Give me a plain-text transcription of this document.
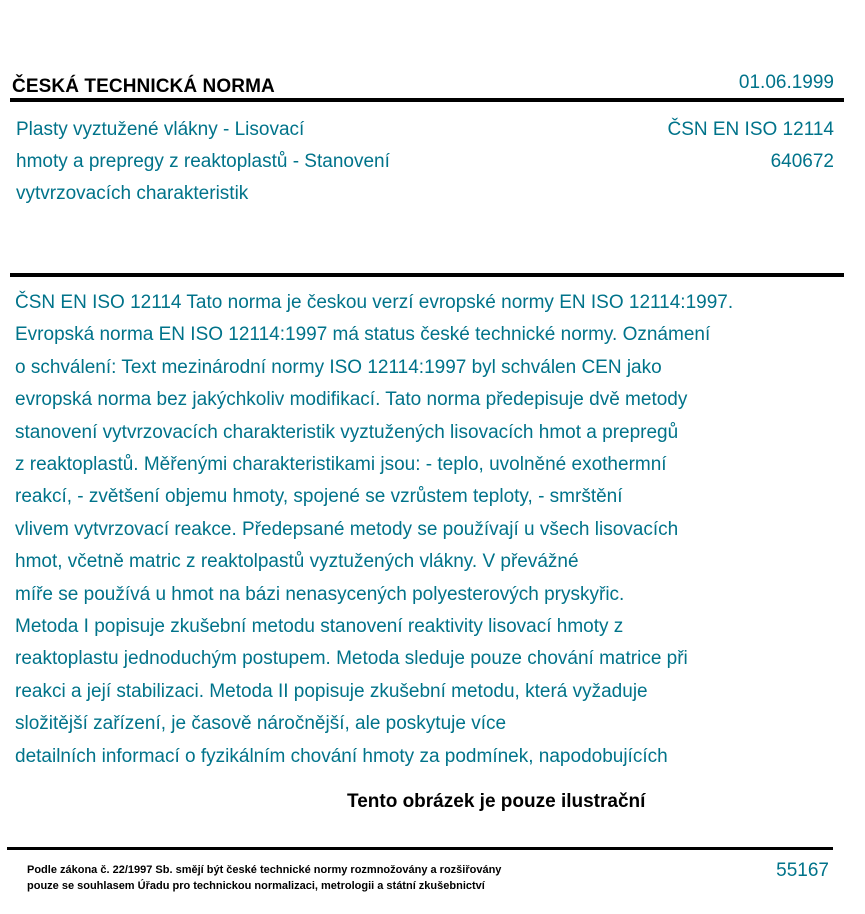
ČESKÁ TECHNICKÁ NORMA	01.06.1999
Plasty vyztužené vlákny - Lisovací
hmoty a prepregy z reaktoplastů - Stanovení
vytvrzovacích charakteristik
ČSN EN ISO 12114
640672
ČSN EN ISO 12114 Tato norma je českou verzí evropské normy EN ISO 12114:1997.
Evropská norma EN ISO 12114:1997 má status české technické normy. Oznámení
o schválení: Text mezinárodní normy ISO 12114:1997 byl schválen CEN jako
evropská norma bez jakýchkoliv modifikací. Tato norma předepisuje dvě metody
stanovení vytvrzovacích charakteristik vyztužených lisovacích hmot a prepregů
z reaktoplastů. Měřenými charakteristikami jsou: - teplo, uvolněné exothermní
reakcí, - zvětšení objemu hmoty, spojené se vzrůstem teploty, - smrštění
vlivem vytvrzovací reakce. Předepsané metody se používají u všech lisovacích
hmot, včetně matric z reaktolpastů vyztužených vlákny. V převážné
míře se používá u hmot na bázi nenasycených polyesterových pryskyřic.
Metoda I popisuje zkušební metodu stanovení reaktivity lisovací hmoty z
reaktoplastu jednoduchým postupem. Metoda sleduje pouze chování matrice při
reakci a její stabilizaci. Metoda II popisuje zkušební metodu, která vyžaduje
složitější zařízení, je časově náročnější, ale poskytuje více
detailních informací o fyzikálním chování hmoty za podmínek, napodobujících
Tento obrázek je pouze ilustrační
Podle zákona č. 22/1997 Sb. smějí být české technické normy rozmnožovány a rozšiřovány
pouze se souhlasem Úřadu pro technickou normalizaci, metrologii a státní zkušebnictví
55167
